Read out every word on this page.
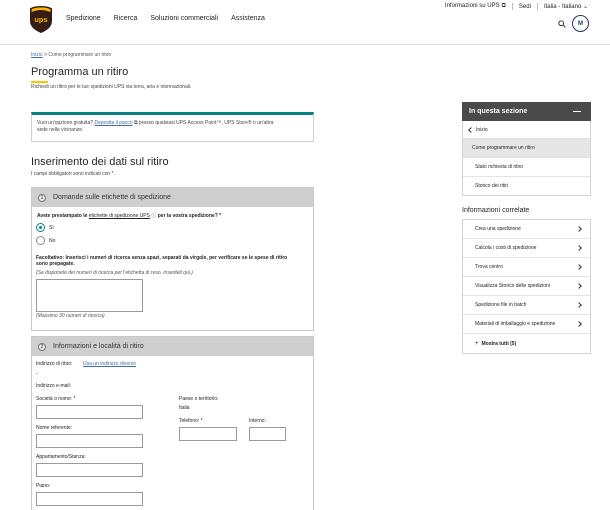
ups	Spedizione Ricerca Soluzioni commerciali Assistenza
Informazioni su UPS ⧉ Sedi Italia - Italiano ⌄
M
Inizio > Come programmare un ritiro
Programma un ritiro
Richiedi un ritiro per le tue spedizioni UPS via terra, aria e internazionali.
Vuoi un'opzione gratuita? Deposita il pacco ⧉ presso qualsiasi UPS Access Point™, UPS Store® o un'altra
sede nelle vicinanze.
Inserimento dei dati sul ritiro
I campi obbligatori sono indicati con *.
1	Domande sulle etichette di spedizione
Avete prestampato le etichette di spedizione UPS ⓘ per la vostra spedizione? *
Sì
No
Facoltativo: Inserisci i numeri di ricerca senza spazi, separati da virgole, per verificare se le spese di ritiro
sono prepagate.
(Se disponete dei numeri di ricerca per l'etichetta di reso, inseriteli qui.)
(Massimo 30 numeri di ricerca)
2	Informazioni e località di ritiro
Indirizzo di ritiro: Usa un indirizzo diverso
-
Indirizzo e-mail:
Società o nome: *
Nome referente:
Appartamento/Stanza:
Piano:
Paese o territorio:
Italia
Telefono: *	Interno:
In questa sezione
Inizio
Come programmare un ritiro
Stato richiesta di ritiro
Storico dei ritiri
Informazioni correlate
Crea una spedizione
Calcola i costi di spedizione
Trova centro
Visualizza Storico delle spedizioni
Spedizione file in batch
Materiali di imballaggio e spedizione
+ Mostra tutti (5)
